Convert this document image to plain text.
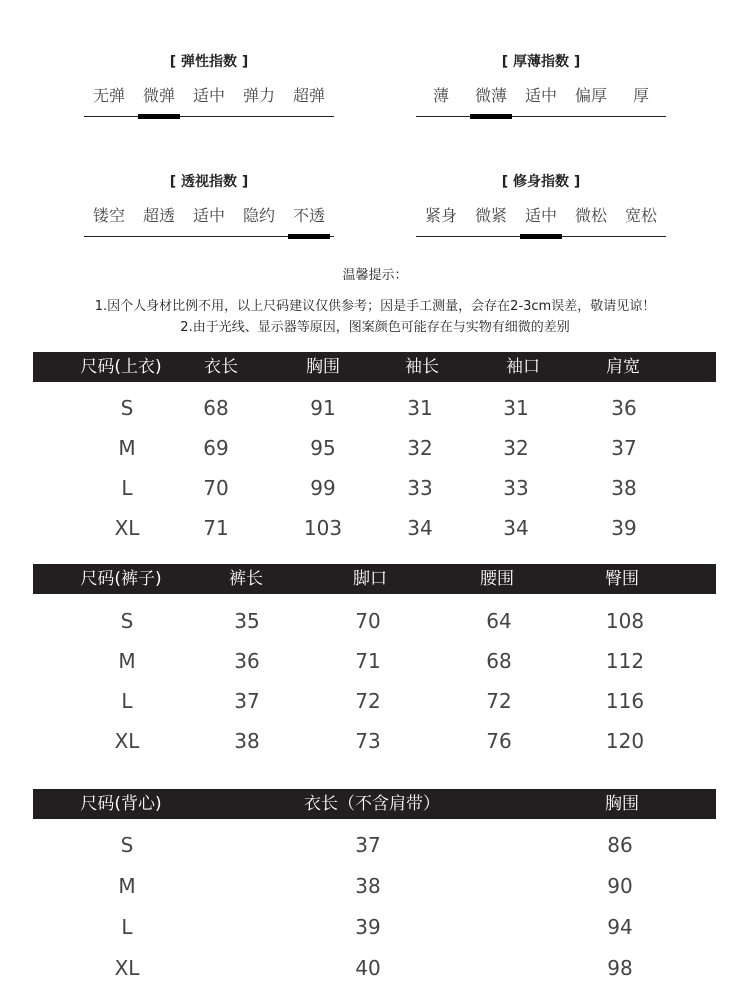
[ 弹性指数 ]
无弹	微弹	适中	弹力	超弹
[ 厚薄指数 ]
薄	微薄	适中	偏厚	厚
[ 透视指数 ]
镂空	超透	适中	隐约	不透
[ 修身指数 ]
紧身	微紧	适中	微松	宽松
温馨提示：
1.因个人身材比例不用，以上尺码建议仅供参考；因是手工测量，会存在2-3cm误差，敬请见谅！
2.由于光线、显示器等原因，图案颜色可能存在与实物有细微的差别
尺码(上衣)	衣长	胸围	袖长	袖口	肩宽
S	68	91	31	31	36
M	69	95	32	32	37
L	70	99	33	33	38
XL	71	103	34	34	39
尺码(裤子)	裤长	脚口	腰围	臀围
S	35	70	64	108
M	36	71	68	112
L	37	72	72	116
XL	38	73	76	120
尺码(背心)	衣长（不含肩带）	胸围
S	37	86
M	38	90
L	39	94
XL	40	98
